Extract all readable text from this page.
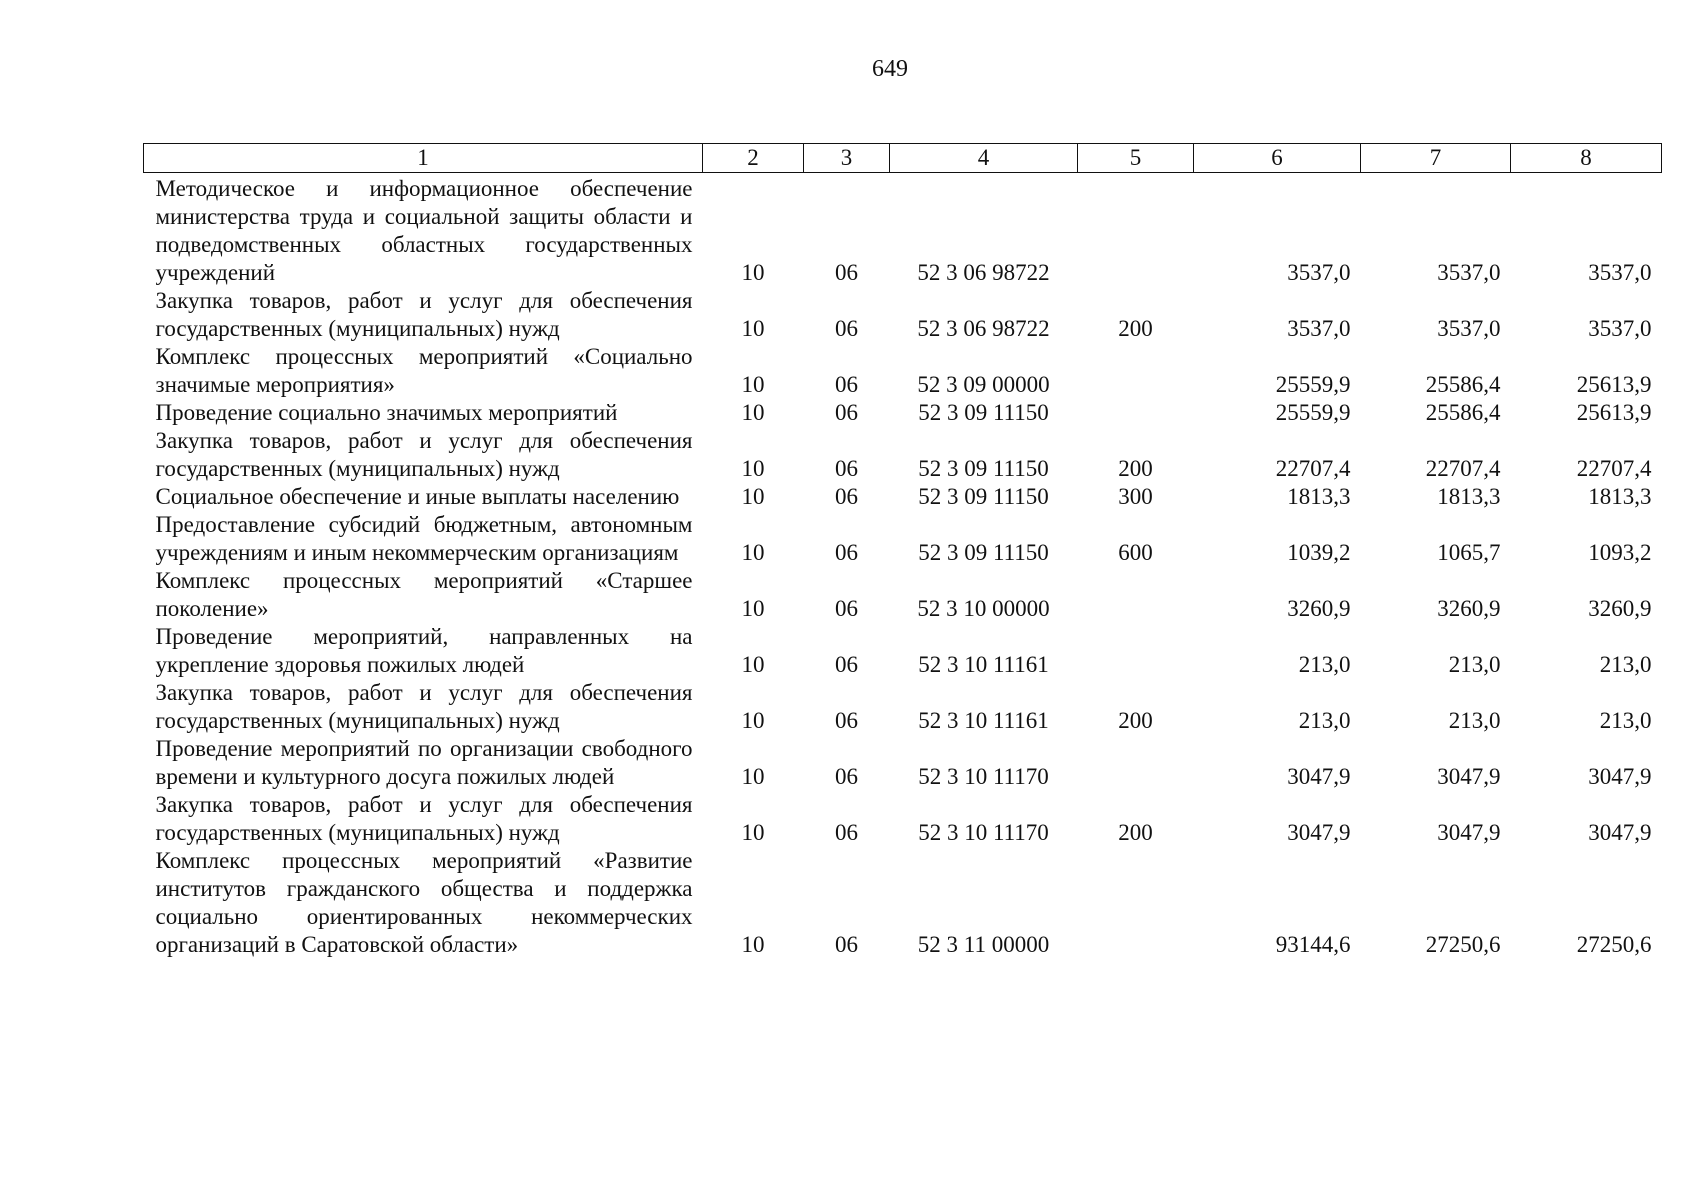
649
1	2	3	4	5	6	7	8

Методическое и информационное обеспечение министерства труда и социальной защиты области и подведомственных областных государственных учреждений	10	06	52 3 06 98722		3537,0	3537,0	3537,0
Закупка товаров, работ и услуг для обеспечения государственных (муниципальных) нужд	10	06	52 3 06 98722	200	3537,0	3537,0	3537,0
Комплекс процессных мероприятий «Социально значимые мероприятия»	10	06	52 3 09 00000		25559,9	25586,4	25613,9
Проведение социально значимых мероприятий	10	06	52 3 09 11150		25559,9	25586,4	25613,9
Закупка товаров, работ и услуг для обеспечения государственных (муниципальных) нужд	10	06	52 3 09 11150	200	22707,4	22707,4	22707,4
Социальное обеспечение и иные выплаты населению	10	06	52 3 09 11150	300	1813,3	1813,3	1813,3
Предоставление субсидий бюджетным, автономным учреждениям и иным некоммерческим организациям	10	06	52 3 09 11150	600	1039,2	1065,7	1093,2
Комплекс процессных мероприятий «Старшее поколение»	10	06	52 3 10 00000		3260,9	3260,9	3260,9
Проведение мероприятий, направленных на укрепление здоровья пожилых людей	10	06	52 3 10 11161		213,0	213,0	213,0
Закупка товаров, работ и услуг для обеспечения государственных (муниципальных) нужд	10	06	52 3 10 11161	200	213,0	213,0	213,0
Проведение мероприятий по организации свободного времени и культурного досуга пожилых людей	10	06	52 3 10 11170		3047,9	3047,9	3047,9
Закупка товаров, работ и услуг для обеспечения государственных (муниципальных) нужд	10	06	52 3 10 11170	200	3047,9	3047,9	3047,9
Комплекс процессных мероприятий «Развитие институтов гражданского общества и поддержка социально ориентированных некоммерческих организаций в Саратовской области»	10	06	52 3 11 00000		93144,6	27250,6	27250,6
